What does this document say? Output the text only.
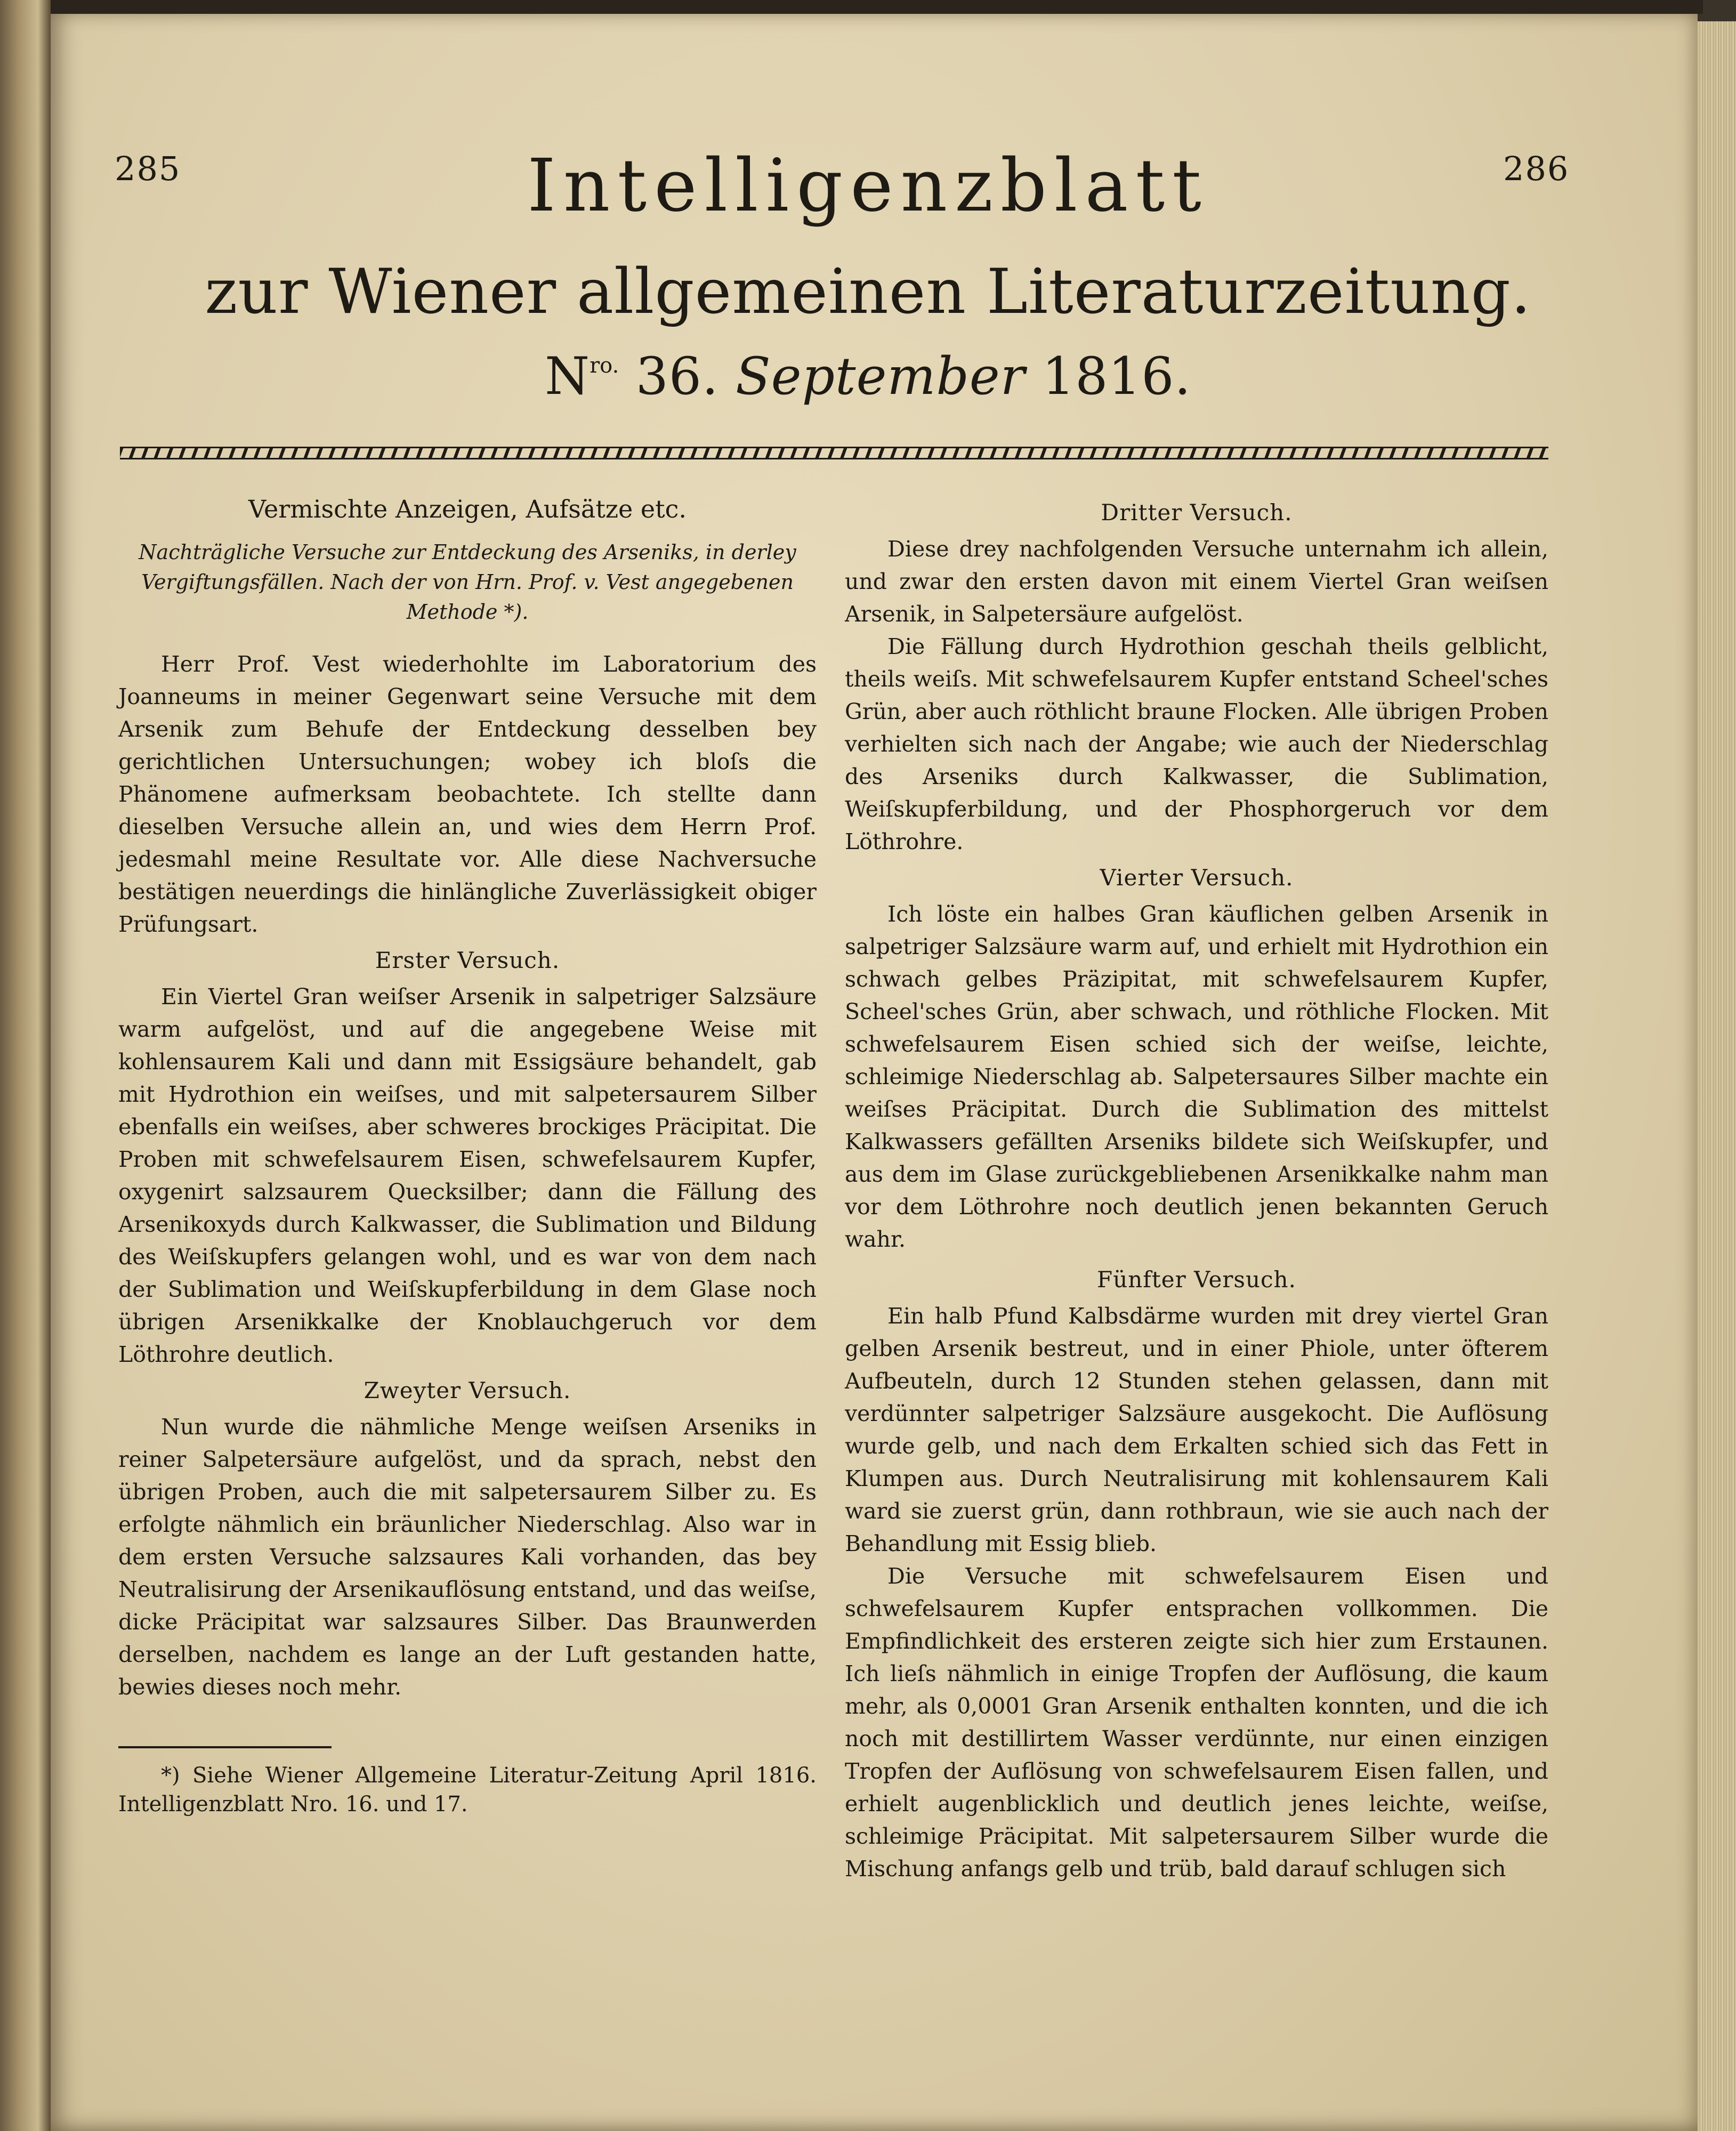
285	286
Intelligenzblatt
zur Wiener allgemeinen Literaturzeitung.
$N^{ro.}$ 36. September 1816.
Vermischte Anzeigen, Aufsätze etc.
Nachträgliche Versuche zur Entdeckung des Arseniks, in derley Vergiftungsfällen. Nach der von Hrn. Prof. v. Vest angegebenen Methode *).

Herr Prof. Vest wiederhohlte im Laboratorium des Joanneums in meiner Gegenwart seine Versuche mit dem Arsenik zum Behufe der Entdeckung desselben bey gerichtlichen Untersuchungen; wobey ich bloſs die Phänomene aufmerksam beobachtete. Ich stellte dann dieselben Versuche allein an, und wies dem Herrn Prof. jedesmahl meine Resultate vor. Alle diese Nachversuche bestätigen neuerdings die hinlängliche Zuverlässigkeit obiger Prüfungsart.

Erster Versuch.

Ein Viertel Gran weiſser Arsenik in salpetriger Salzsäure warm aufgelöst, und auf die angegebene Weise mit kohlensaurem Kali und dann mit Essigsäure behandelt, gab mit Hydrothion ein weiſses, und mit salpetersaurem Silber ebenfalls ein weiſses, aber schweres brockiges Präcipitat. Die Proben mit schwefelsaurem Eisen, schwefelsaurem Kupfer, oxygenirt salzsaurem Quecksilber; dann die Fällung des Arsenikoxyds durch Kalkwasser, die Sublimation und Bildung des Weiſskupfers gelangen wohl, und es war von dem nach der Sublimation und Weiſskupferbildung in dem Glase noch übrigen Arsenikkalke der Knoblauchgeruch vor dem Löthrohre deutlich.

Zweyter Versuch.

Nun wurde die nähmliche Menge weiſsen Arseniks in reiner Salpetersäure aufgelöst, und da sprach, nebst den übrigen Proben, auch die mit salpetersaurem Silber zu. Es erfolgte nähmlich ein bräunlicher Niederschlag. Also war in dem ersten Versuche salzsaures Kali vorhanden, das bey Neutralisirung der Arsenikauflösung entstand, und das weiſse, dicke Präcipitat war salzsaures Silber. Das Braunwerden derselben, nachdem es lange an der Luft gestanden hatte, bewies dieses noch mehr.

*) Siehe Wiener Allgemeine Literatur-Zeitung April 1816. Intelligenzblatt Nro. 16. und 17.

Dritter Versuch.

Diese drey nachfolgenden Versuche unternahm ich allein, und zwar den ersten davon mit einem Viertel Gran weiſsen Arsenik, in Salpetersäure aufgelöst.

Die Fällung durch Hydrothion geschah theils gelblicht, theils weiſs. Mit schwefelsaurem Kupfer entstand Scheel'sches Grün, aber auch röthlicht braune Flocken. Alle übrigen Proben verhielten sich nach der Angabe; wie auch der Niederschlag des Arseniks durch Kalkwasser, die Sublimation, Weiſskupferbildung, und der Phosphorgeruch vor dem Löthrohre.

Vierter Versuch.

Ich löste ein halbes Gran käuflichen gelben Arsenik in salpetriger Salzsäure warm auf, und erhielt mit Hydrothion ein schwach gelbes Präzipitat, mit schwefelsaurem Kupfer, Scheel'sches Grün, aber schwach, und röthliche Flocken. Mit schwefelsaurem Eisen schied sich der weiſse, leichte, schleimige Niederschlag ab. Salpetersaures Silber machte ein weiſses Präcipitat. Durch die Sublimation des mittelst Kalkwassers gefällten Arseniks bildete sich Weiſskupfer, und aus dem im Glase zurückgebliebenen Arsenikkalke nahm man vor dem Löthrohre noch deutlich jenen bekannten Geruch wahr.

Fünfter Versuch.

Ein halb Pfund Kalbsdärme wurden mit drey viertel Gran gelben Arsenik bestreut, und in einer Phiole, unter öfterem Aufbeuteln, durch 12 Stunden stehen gelassen, dann mit verdünnter salpetriger Salzsäure ausgekocht. Die Auflösung wurde gelb, und nach dem Erkalten schied sich das Fett in Klumpen aus. Durch Neutralisirung mit kohlensaurem Kali ward sie zuerst grün, dann rothbraun, wie sie auch nach der Behandlung mit Essig blieb.

Die Versuche mit schwefelsaurem Eisen und schwefelsaurem Kupfer entsprachen vollkommen. Die Empfindlichkeit des ersteren zeigte sich hier zum Erstaunen. Ich lieſs nähmlich in einige Tropfen der Auflösung, die kaum mehr, als 0,0001 Gran Arsenik enthalten konnten, und die ich noch mit destillirtem Wasser verdünnte, nur einen einzigen Tropfen der Auflösung von schwefelsaurem Eisen fallen, und erhielt augenblicklich und deutlich jenes leichte, weiſse, schleimige Präcipitat. Mit salpetersaurem Silber wurde die Mischung anfangs gelb und trüb, bald darauf schlugen sich
